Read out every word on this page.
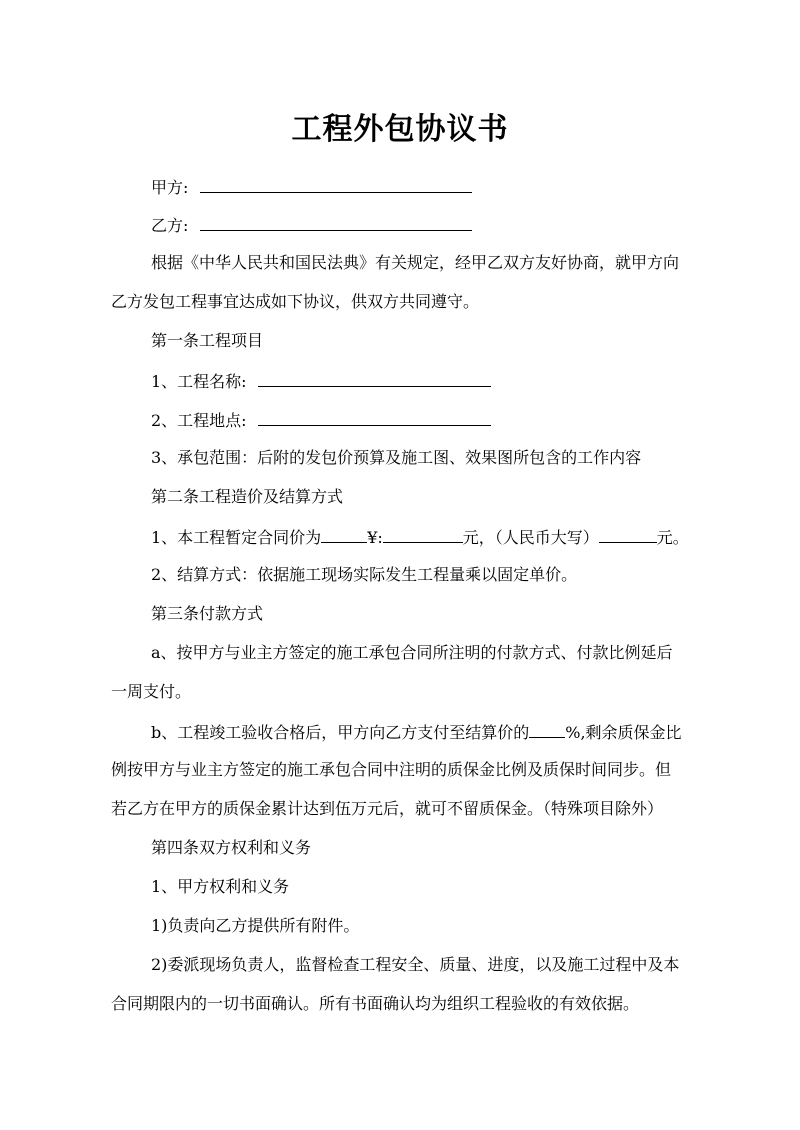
工程外包协议书
甲方:
乙方:
根据《中华人民共和国民法典》有关规定，经甲乙双方友好协商，就甲方向
乙方发包工程事宜达成如下协议，供双方共同遵守。
第一条工程项目
1、工程名称:
2、工程地点:
3、承包范围：后附的发包价预算及施工图、效果图所包含的工作内容
第二条工程造价及结算方式
1、本工程暂定合同价为	¥:	元，（人民币大写）	元。
2、结算方式：依据施工现场实际发生工程量乘以固定单价。
第三条付款方式
a、按甲方与业主方签定的施工承包合同所注明的付款方式、付款比例延后
一周支付。
b、工程竣工验收合格后，甲方向乙方支付至结算价的 %,剩余质保金比
例按甲方与业主方签定的施工承包合同中注明的质保金比例及质保时间同步。但
若乙方在甲方的质保金累计达到伍万元后，就可不留质保金。（特殊项目除外）
第四条双方权利和义务
1、甲方权利和义务
1)负责向乙方提供所有附件。
2)委派现场负责人，监督检查工程安全、质量、进度，以及施工过程中及本
合同期限内的一切书面确认。所有书面确认均为组织工程验收的有效依据。
